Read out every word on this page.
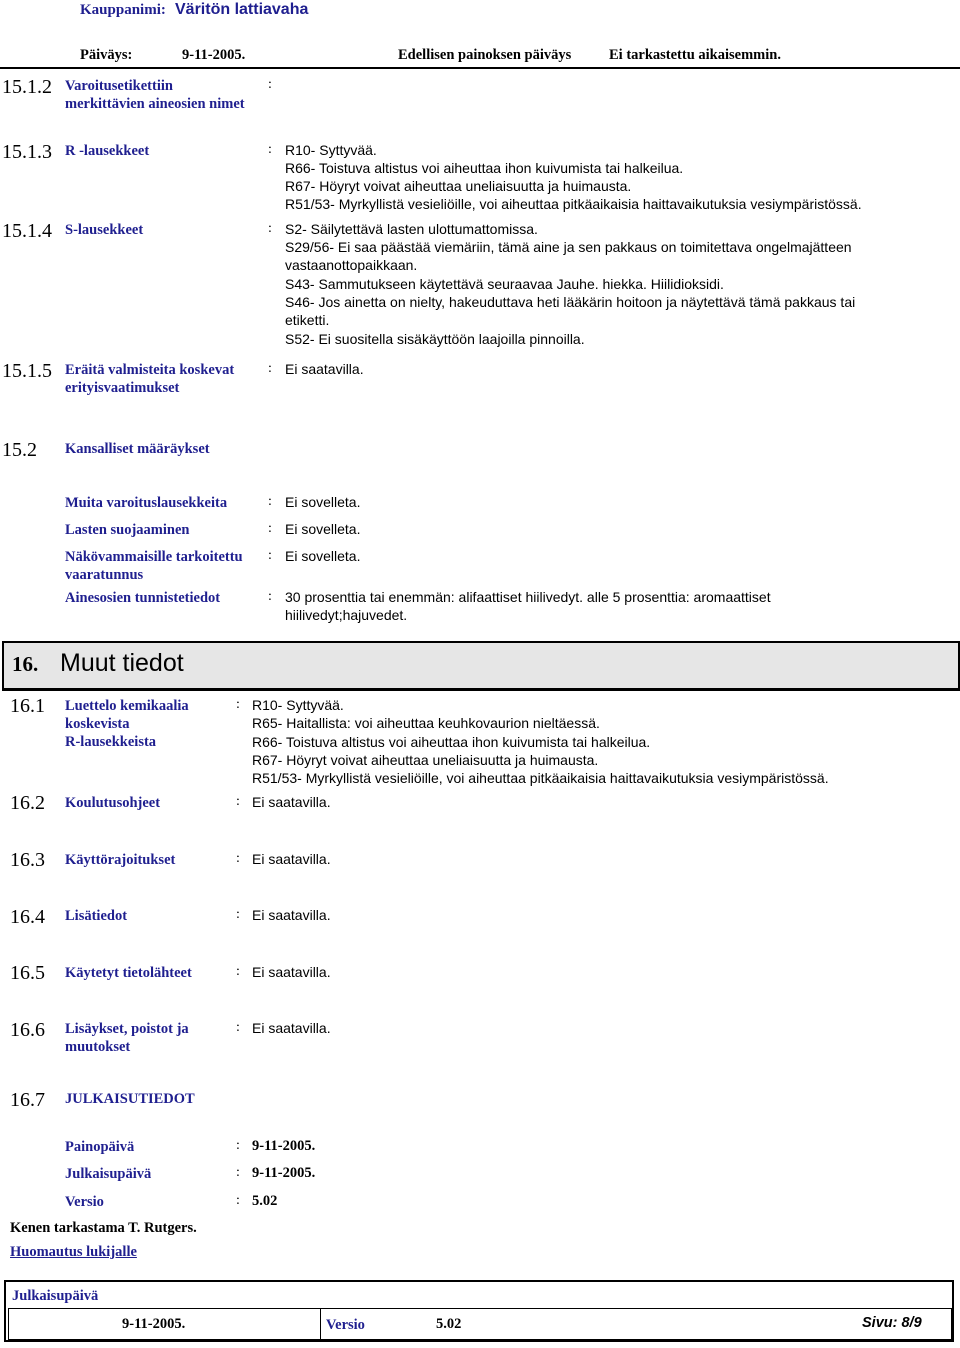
Kauppanimi: Väritön lattiavaha
Päiväys:	9-11-2005.	Edellisen painoksen päiväys	Ei tarkastettu aikaisemmin.
15.1.2 Varoitusetikettiin
merkittävien aineosien nimet
:
15.1.3 R -lausekkeet	: R10- Syttyvää.
R66- Toistuva altistus voi aiheuttaa ihon kuivumista tai halkeilua.
R67- Höyryt voivat aiheuttaa uneliaisuutta ja huimausta.
R51/53- Myrkyllistä vesieliöille, voi aiheuttaa pitkäaikaisia haittavaikutuksia vesiympäristössä.
15.1.4 S-lausekkeet	: S2- Säilytettävä lasten ulottumattomissa.
S29/56- Ei saa päästää viemäriin, tämä aine ja sen pakkaus on toimitettava ongelmajätteen
vastaanottopaikkaan.
S43- Sammutukseen käytettävä seuraavaa Jauhe. hiekka. Hiilidioksidi.
S46- Jos ainetta on nielty, hakeuduttava heti lääkärin hoitoon ja näytettävä tämä pakkaus tai
etiketti.
S52- Ei suositella sisäkäyttöön laajoilla pinnoilla.
15.1.5 Eräitä valmisteita koskevat
erityisvaatimukset
: Ei saatavilla.
15.2 Kansalliset määräykset
Muita varoituslausekkeita	: Ei sovelleta.
Lasten suojaaminen	: Ei sovelleta.
Näkövammaisille tarkoitettu
vaaratunnus
: Ei sovelleta.
Ainesosien tunnistetiedot	: 30 prosenttia tai enemmän: alifaattiset hiilivedyt. alle 5 prosenttia: aromaattiset
hiilivedyt;hajuvedet.
16. Muut tiedot
16.1 Luettelo kemikaalia
koskevista
R-lausekkeista
: R10- Syttyvää.
R65- Haitallista: voi aiheuttaa keuhkovaurion nieltäessä.
R66- Toistuva altistus voi aiheuttaa ihon kuivumista tai halkeilua.
R67- Höyryt voivat aiheuttaa uneliaisuutta ja huimausta.
R51/53- Myrkyllistä vesieliöille, voi aiheuttaa pitkäaikaisia haittavaikutuksia vesiympäristössä.
16.2 Koulutusohjeet	: Ei saatavilla.
16.3 Käyttörajoitukset	: Ei saatavilla.
16.4 Lisätiedot	: Ei saatavilla.
16.5 Käytetyt tietolähteet	: Ei saatavilla.
16.6 Lisäykset, poistot ja
muutokset
: Ei saatavilla.
16.7 JULKAISUTIEDOT
Painopäivä	: 9-11-2005.
Julkaisupäivä	: 9-11-2005.
Versio	: 5.02
Kenen tarkastama T. Rutgers.
Huomautus lukijalle
Julkaisupäivä
9-11-2005.	Versio	5.02	Sivu: 8/9
